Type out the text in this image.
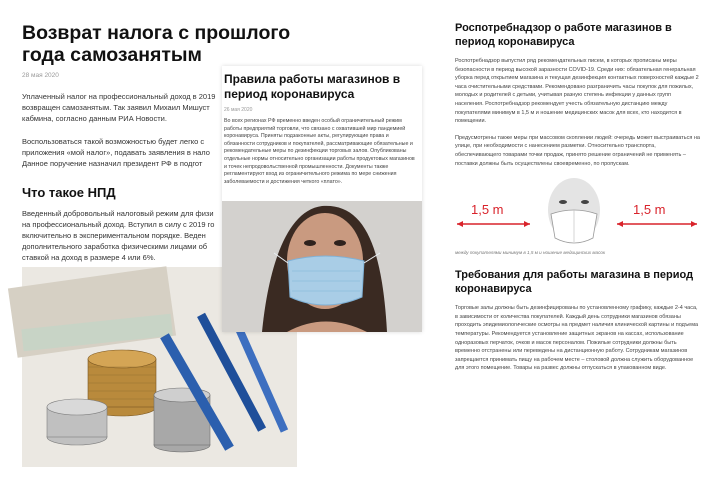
Возврат налога с прошлого года самозанятым
28 мая 2020
Уплаченный налог на профессиональный доход в 2019
возвращен самозанятым. Так заявил Михаил Мишуст
кабмина, согласно данным РИА Новости.
Воспользоваться такой возможностью будет легко с
приложения «мой налог», подавать заявления в нало
Данное поручение назначил президент РФ в подгот
Что такое НПД
Введенный добровольный налоговый режим для физи
на профессиональный доход. Вступил в силу с 2019 го
включительно в экспериментальном порядке. Веден
дополнительного заработка физическими лицами об
ставкой на доход в размере 4 или 6%.
Правила работы магазинов в период коронавируса
26 мая 2020

Во всех регионах РФ временно введен особый ограничительный режим работы предприятий торговли, что связано с охватившей мир пандемией коронавируса. Приняты подзаконные акты, регулирующие права и обязанности сотрудников и покупателей, рассматривающие обязательные и рекомендательные меры по дезинфекции торговых залов. Опубликованы отдельные нормы относительно организации работы продуктовых магазинов и точек непродовольственной промышленности. Документы также регламентируют вход из ограничительного режима по мере снижения заболеваемости и достижения четкого «плато».

Роспотребнадзор о работе магазинов в период коронавируса

Роспотребнадзор выпустил ряд рекомендательных писем, в которых прописаны меры безопасности в период высокой заразности COVID-19. Среди них: обязательная генеральная уборка перед открытием магазина и текущая дезинфекция контактных поверхностей каждые 2 часа очистительными средствами. Рекомендовано разграничить часы покупок для пожилых, молодых и родителей с детьми, учитывая разную степень инфекции у данных групп населения. Роспотребнадзор рекомендует учесть обязательную дистанцию между покупателями минимум в 1,5 м и ношение медицинских масок для всех, кто находится в помещении.

Предусмотрены также меры при массовом скоплении людей: очередь может выстраиваться на улице, при необходимости с нанесением разметки. Относительно транспорта, обеспечивающего товарами точки продаж, принято решение ограничений не применять – поставки должны быть осуществлены своевременно, по пропускам.

1,5 m	1,5 m
между покупателями минимум в 1,5 м и ношение медицинских масок
Требования для работы магазина в период коронавируса

Торговые залы должны быть дезинфицированы по установленному графику, каждые 2-4 часа, в зависимости от количества покупателей. Каждый день сотрудники магазинов обязаны проходить эпидемиологические осмотры на предмет наличия клинической картины и подъема температуры. Рекомендуется установление защитных экранов на кассах, использование одноразовых перчаток, очков и масок персоналом. Пожилые сотрудники должны быть временно отстранены или переведены на дистанционную работу. Сотрудникам магазинов запрещается принимать пищу на рабочем месте – столовой должна служить оборудованное для этого помещение. Товары на развес должны отпускаться в упакованном виде.
